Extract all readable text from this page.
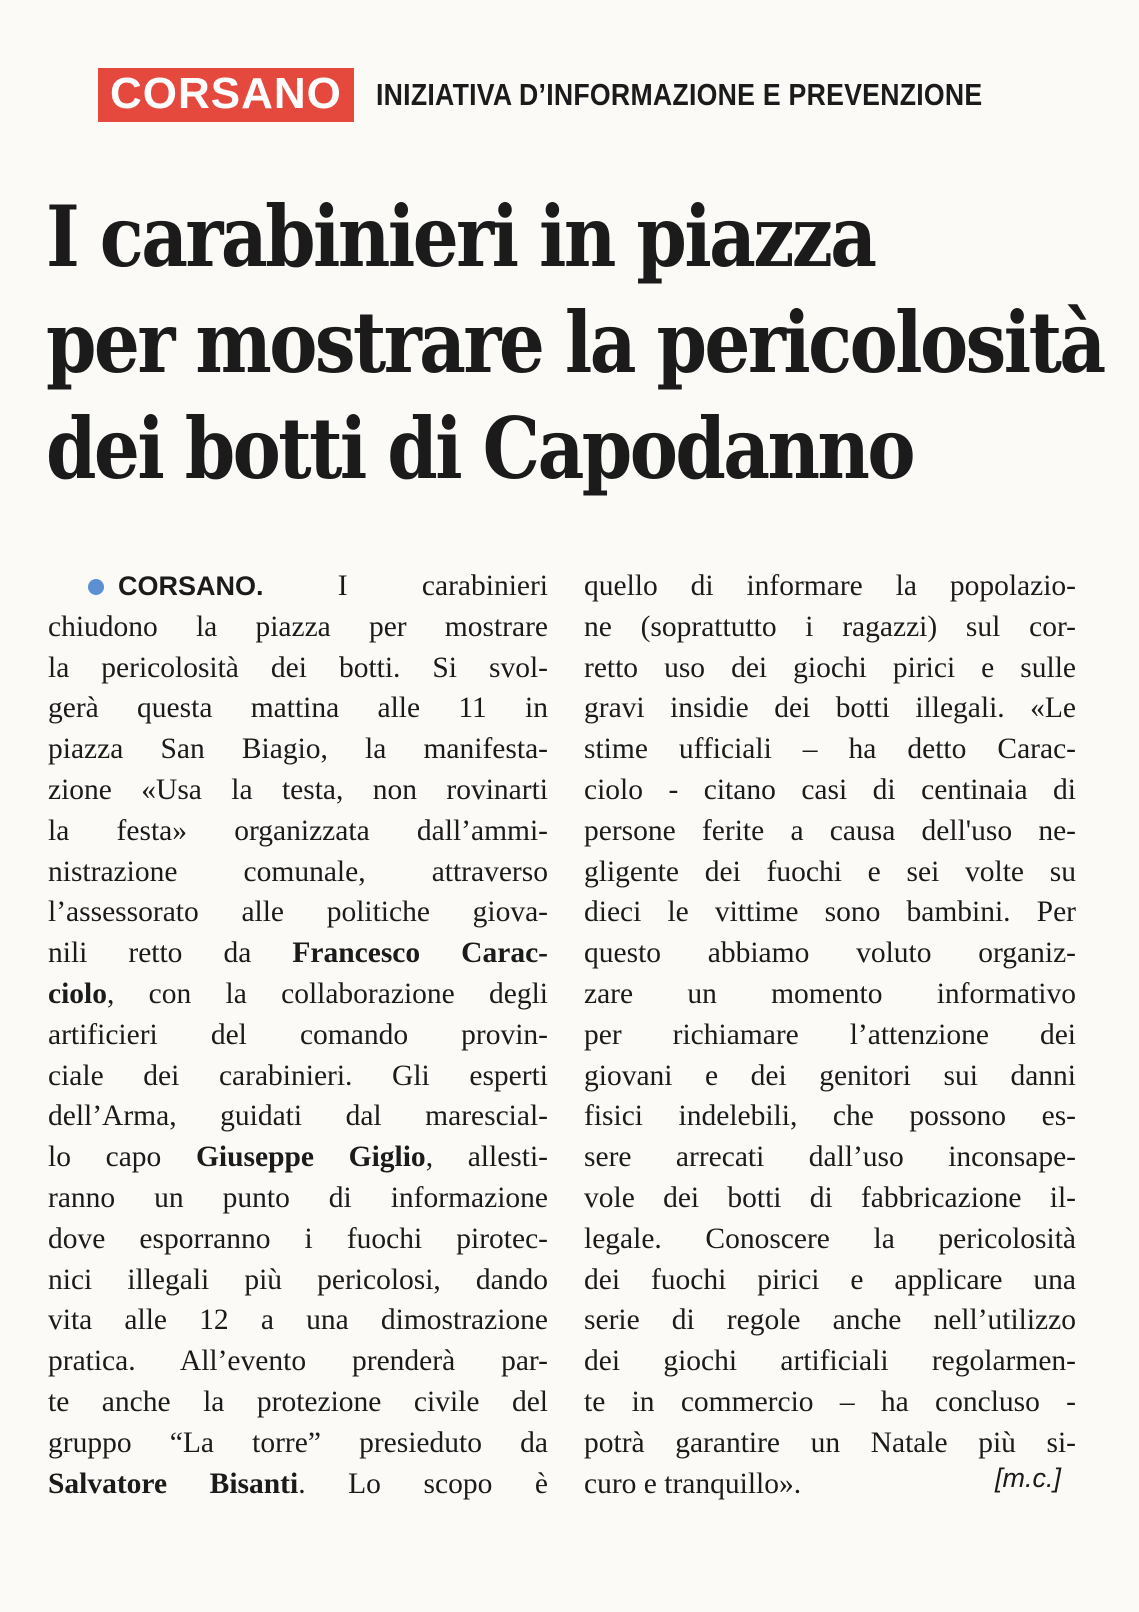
CORSANO	INIZIATIVA D’INFORMAZIONE E PREVENZIONE
I carabinieri in piazza
per mostrare la pericolosità
dei botti di Capodanno
CORSANO.	I carabinieri
chiudono la piazza per mostrare
la pericolosità dei botti. Si svol-
gerà questa mattina alle 11 in
piazza San Biagio, la manifesta-
zione «Usa la testa, non rovinarti
la festa» organizzata dall’ammi-
nistrazione comunale, attraverso
l’assessorato alle politiche giova-
nili retto da Francesco Carac-
ciolo, con la collaborazione degli
artificieri del comando provin-
ciale dei carabinieri. Gli esperti
dell’Arma, guidati dal marescial-
lo capo Giuseppe Giglio, allesti-
ranno un punto di informazione
dove esporranno i fuochi pirotec-
nici illegali più pericolosi, dando
vita alle 12 a una dimostrazione
pratica. All’evento prenderà par-
te anche la protezione civile del
gruppo “La torre” presieduto da
Salvatore Bisanti. Lo scopo è
quello di informare la popolazio-
ne (soprattutto i ragazzi) sul cor-
retto uso dei giochi pirici e sulle
gravi insidie dei botti illegali. «Le
stime ufficiali – ha detto Carac-
ciolo - citano casi di centinaia di
persone ferite a causa dell'uso ne-
gligente dei fuochi e sei volte su
dieci le vittime sono bambini. Per
questo abbiamo voluto organiz-
zare un momento informativo
per richiamare l’attenzione dei
giovani e dei genitori sui danni
fisici indelebili, che possono es-
sere arrecati dall’uso inconsape-
vole dei botti di fabbricazione il-
legale. Conoscere la pericolosità
dei fuochi pirici e applicare una
serie di regole anche nell’utilizzo
dei giochi artificiali regolarmen-
te in commercio – ha concluso -
potrà garantire un Natale più si-
curo e tranquillo».	[m.c.]
